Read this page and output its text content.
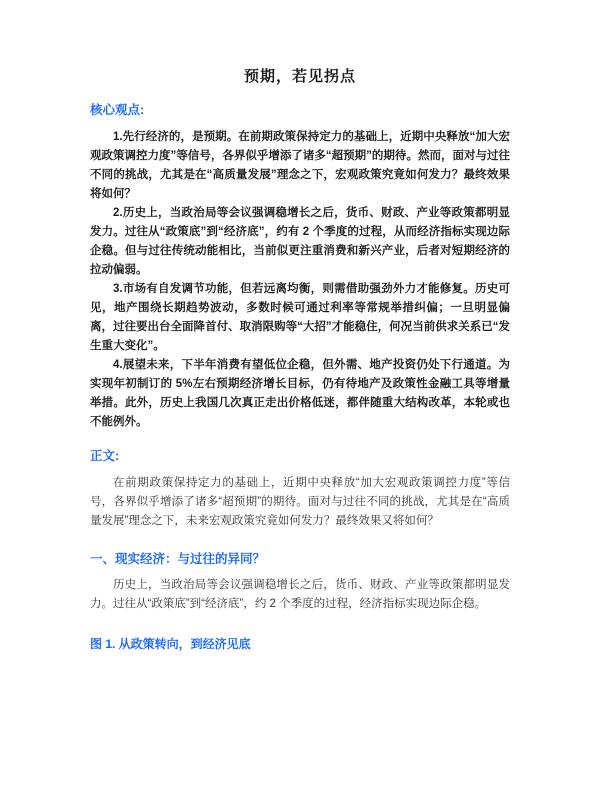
预期，若见拐点
核心观点:

1.先行经济的，是预期。在前期政策保持定力的基础上，近期中央释放“加大宏观政策调控力度”等信号，各界似乎增添了诸多“超预期”的期待。然而，面对与过往不同的挑战，尤其是在“高质量发展”理念之下，宏观政策究竟如何发力？最终效果将如何？

2.历史上，当政治局等会议强调稳增长之后，货币、财政、产业等政策都明显发力。过往从“政策底”到“经济底”，约有 2 个季度的过程，从而经济指标实现边际企稳。但与过往传统动能相比，当前似更注重消费和新兴产业，后者对短期经济的拉动偏弱。

3.市场有自发调节功能，但若远离均衡，则需借助强劲外力才能修复。历史可见，地产围绕长期趋势波动，多数时候可通过利率等常规举措纠偏；一旦明显偏离，过往要出台全面降首付、取消限购等“大招”才能稳住，何况当前供求关系已“发生重大变化”。

4.展望未来，下半年消费有望低位企稳，但外需、地产投资仍处下行通道。为实现年初制订的 5%左右预期经济增长目标，仍有待地产及政策性金融工具等增量举措。此外，历史上我国几次真正走出价格低迷，都伴随重大结构改革，本轮或也不能例外。

正文:

在前期政策保持定力的基础上，近期中央释放“加大宏观政策调控力度”等信号，各界似乎增添了诸多“超预期”的期待。面对与过往不同的挑战，尤其是在“高质量发展”理念之下，未来宏观政策究竟如何发力？最终效果又将如何？

一、现实经济：与过往的异同？

历史上，当政治局等会议强调稳增长之后，货币、财政、产业等政策都明显发力。过往从“政策底”到“经济底”，约 2 个季度的过程，经济指标实现边际企稳。

图 1. 从政策转向，到经济见底
